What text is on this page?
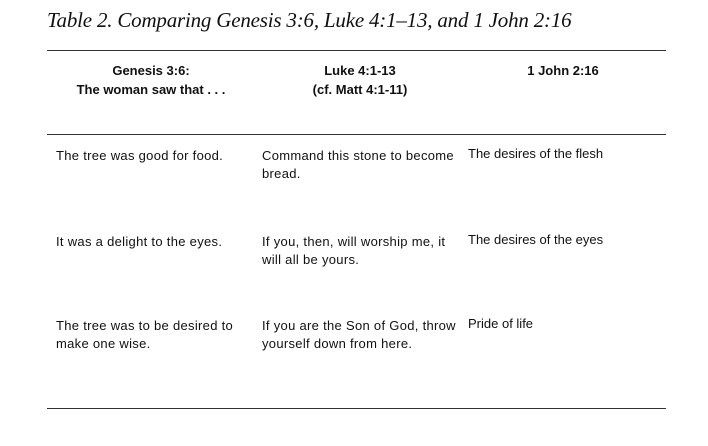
Table 2. Comparing Genesis 3:6, Luke 4:1–13, and 1 John 2:16
Genesis 3:6:
The woman saw that . . .
Luke 4:1-13
(cf. Matt 4:1-11)
1 John 2:16
The tree was good for food.	Command this stone to become bread.
The desires of the flesh
It was a delight to the eyes.	If you, then, will worship me, it will all be yours.
The desires of the eyes
The tree was to be desired to make one wise.
If you are the Son of God, throw yourself down from here.
Pride of life
